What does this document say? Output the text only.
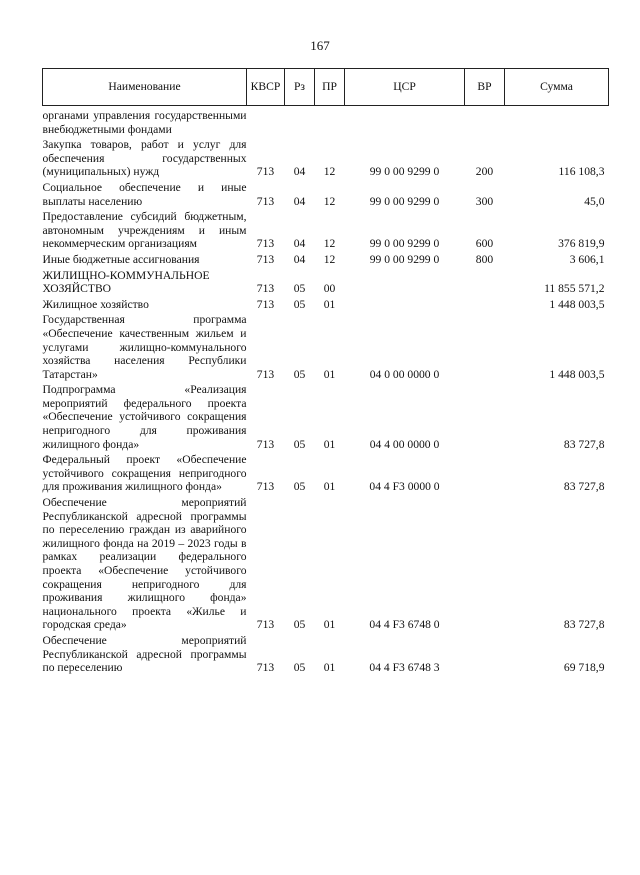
167
Наименование	КВСР	Рз	ПР	ЦСР	ВР	Сумма
органами управления государственными внебюджетными фондами						
Закупка товаров, работ и услуг для обеспечения государственных (муниципальных) нужд	713	04	12	99 0 00 9299 0	200	116 108,3
Социальное обеспечение и иные выплаты населению	713	04	12	99 0 00 9299 0	300	45,0
Предоставление субсидий бюджетным, автономным учреждениям и иным некоммерческим организациям	713	04	12	99 0 00 9299 0	600	376 819,9
Иные бюджетные ассигнования	713	04	12	99 0 00 9299 0	800	3 606,1
ЖИЛИЩНО-КОММУНАЛЬНОЕ ХОЗЯЙСТВО	713	05	00			11 855 571,2
Жилищное хозяйство	713	05	01			1 448 003,5
Государственная программа «Обеспечение качественным жильем и услугами жилищно-коммунального хозяйства населения Республики Татарстан»	713	05	01	04 0 00 0000 0		1 448 003,5
Подпрограмма «Реализация мероприятий федерального проекта «Обеспечение устойчивого сокращения непригодного для проживания жилищного фонда»	713	05	01	04 4 00 0000 0		83 727,8
Федеральный проект «Обеспечение устойчивого сокращения непригодного для проживания жилищного фонда»	713	05	01	04 4 F3 0000 0		83 727,8
Обеспечение мероприятий Республиканской адресной программы по переселению граждан из аварийного жилищного фонда на 2019 – 2023 годы в рамках реализации федерального проекта «Обеспечение устойчивого сокращения непригодного для проживания жилищного фонда» национального проекта «Жилье и городская среда»	713	05	01	04 4 F3 6748 0		83 727,8
Обеспечение мероприятий Республиканской адресной программы по переселению	713	05	01	04 4 F3 6748 3		69 718,9
